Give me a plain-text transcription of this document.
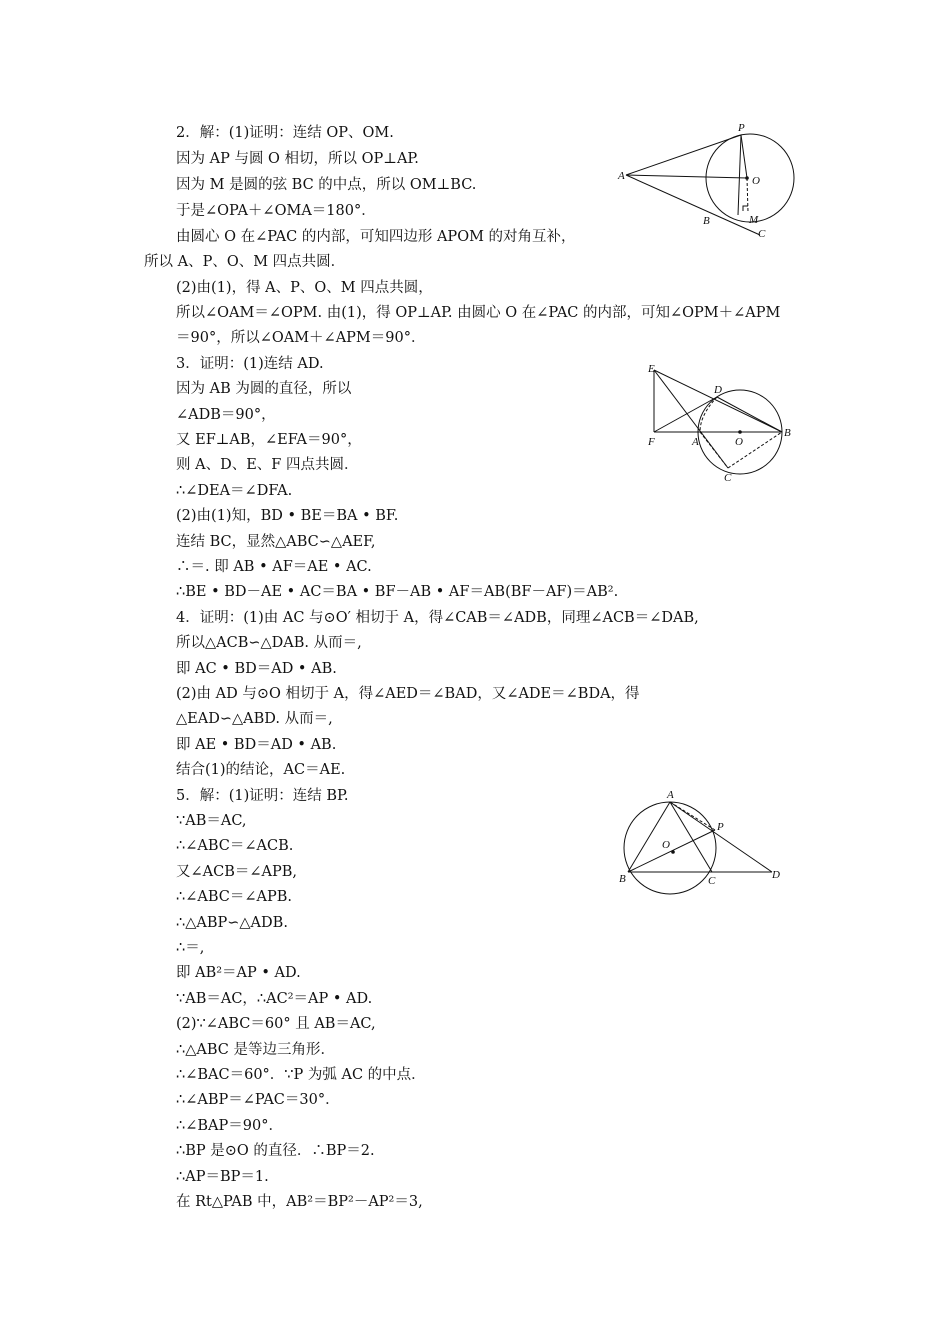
2．解：(1)证明：连结 OP、OM.
因为 AP 与圆 O 相切，所以 OP⊥AP.
因为 M 是圆的弦 BC 的中点，所以 OM⊥BC.
于是∠OPA＋∠OMA＝180°．
由圆心 O 在∠PAC 的内部，可知四边形 APOM 的对角互补，
所以 A、P、O、M 四点共圆．
(2)由(1)，得 A、P、O、M 四点共圆，
所以∠OAM＝∠OPM. 由(1)，得 OP⊥AP. 由圆心 O 在∠PAC 的内部，可知∠OPM＋∠APM
＝90°，所以∠OAM＋∠APM＝90°．
3．证明：(1)连结 AD.
因为 AB 为圆的直径，所以
∠ADB＝90°，
又 EF⊥AB，∠EFA＝90°，
则 A、D、E、F 四点共圆．
∴∠DEA＝∠DFA.
(2)由(1)知，BD • BE＝BA • BF.
连结 BC，显然△ABC∽△AEF,
∴＝. 即 AB • AF＝AE • AC.
∴BE • BD－AE • AC＝BA • BF－AB • AF＝AB(BF－AF)＝AB².
4．证明：(1)由 AC 与⊙O′ 相切于 A，得∠CAB＝∠ADB，同理∠ACB＝∠DAB,
所以△ACB∽△DAB. 从而＝,
即 AC • BD＝AD • AB.
(2)由 AD 与⊙O 相切于 A，得∠AED＝∠BAD，又∠ADE＝∠BDA，得
△EAD∽△ABD. 从而＝,
即 AE • BD＝AD • AB.
结合(1)的结论，AC＝AE.
5．解：(1)证明：连结 BP.
∵AB＝AC,
∴∠ABC＝∠ACB.
又∠ACB＝∠APB,
∴∠ABC＝∠APB.
∴△ABP∽△ADB.
∴＝,
即 AB²＝AP • AD.
∵AB＝AC，∴AC²＝AP • AD.
(2)∵∠ABC＝60° 且 AB＝AC,
∴△ABC 是等边三角形．
∴∠BAC＝60°．∵P 为弧 AC 的中点．
∴∠ABP＝∠PAC＝30°．
∴∠BAP＝90°．
∴BP 是⊙O 的直径．∴BP＝2.
∴AP＝BP＝1.
在 Rt△PAB 中，AB²＝BP²－AP²＝3,
P
A	O
B	M
C
E
D
F	A	O
B
C
A
P
O
B	C	D
